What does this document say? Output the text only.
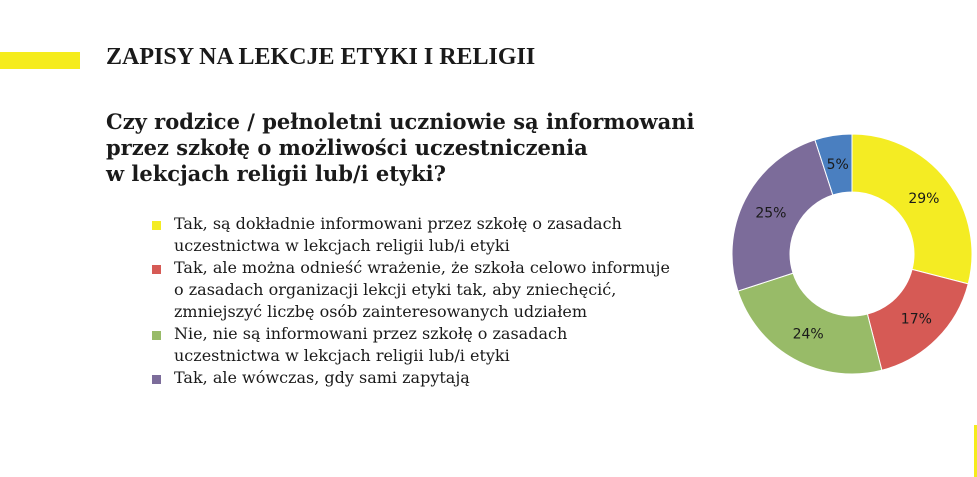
ZAPISY NA LEKCJE ETYKI I RELIGII
Czy rodzice / pełnoletni uczniowie są informowani
przez szkołę o możliwości uczestniczenia
w lekcjach religii lub/i etyki?
Tak, są dokładnie informowani przez szkołę o zasadach
uczestnictwa w lekcjach religii lub/i etyki
Tak, ale można odnieść wrażenie, że szkoła celowo informuje
o zasadach organizacji lekcji etyki tak, aby zniechęcić,
zmniejszyć liczbę osób zainteresowanych udziałem
Nie, nie są informowani przez szkołę o zasadach
uczestnictwa w lekcjach religii lub/i etyki
Tak, ale wówczas, gdy sami zapytają
29%
17%
24%
25%
5%
